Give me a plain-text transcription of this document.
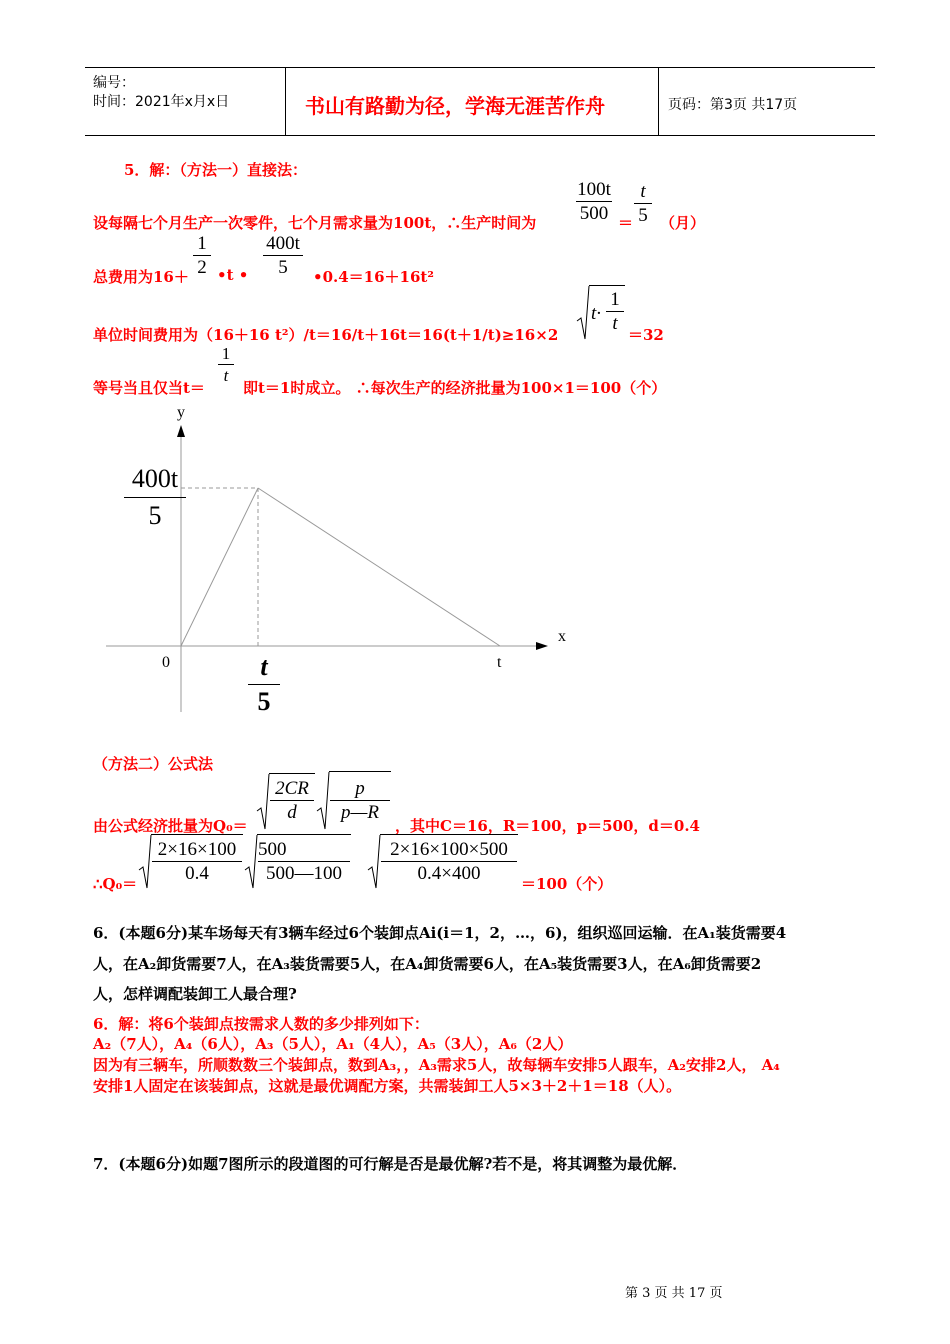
编号：
时间：2021年x月x日	书山有路勤为径，学海无涯苦作舟	页码：第3页 共17页
5．解：（方法一）直接法：
设每隔七个月生产一次零件，七个月需求量为100t，∴生产时间为
100t
500 ＝
t
5 （月）
总费用为16＋
1
2 •t •
400t
5	•0.4＝16＋16t²
单位时间费用为（16＋16 t²）/t＝16/t＋16t＝16(t＋1/t)≥16×2
t·
1
t
＝32
等号当且仅当t＝
1
t
即t＝1时成立。 ∴每次生产的经济批量为100×1＝100（个）
y
x
0	t
400t
5
t
5
（方法二）公式法
由公式经济批量为Q₀＝
2CR
d
p
p—R
，其中C＝16，R＝100，p＝500，d＝0.4
∴Q₀＝
2×16×100
0.4
500
500—100
2×16×100×500
0.4×400	＝100（个）
6．(本题6分)某车场每天有3辆车经过6个装卸点Ai(i＝1，2，…，6)，组织巡回运输．在A₁装货需要4
人，在A₂卸货需要7人，在A₃装货需要5人，在A₄卸货需要6人，在A₅装货需要3人，在A₆卸货需要2
人，怎样调配装卸工人最合理?
6．解：将6个装卸点按需求人数的多少排列如下：
A₂（7人），A₄（6人），A₃（5人），A₁（4人），A₅（3人），A₆（2人）
因为有三辆车，所顺数数三个装卸点，数到A₃，，A₃需求5人，故每辆车安排5人跟车，A₂安排2人， A₄
安排1人固定在该装卸点，这就是最优调配方案，共需装卸工人5×3＋2＋1＝18（人）。
7．(本题6分)如题7图所示的段道图的可行解是否是最优解?若不是，将其调整为最优解．
第 3 页 共 17 页
